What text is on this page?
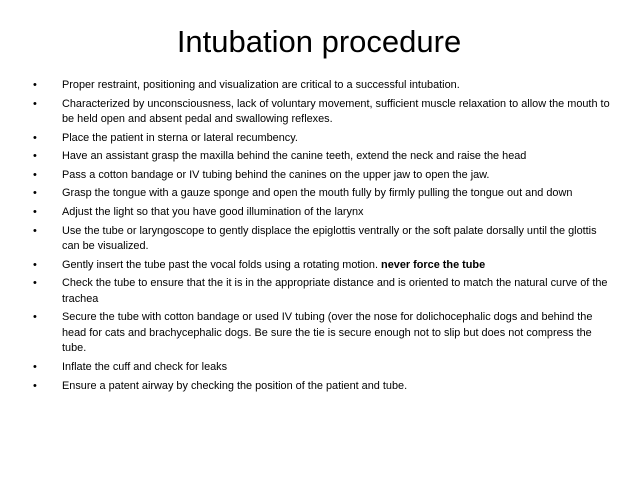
Intubation procedure
• Proper restraint, positioning and visualization are critical to a successful intubation.
• Characterized by unconsciousness, lack of voluntary movement, sufficient muscle relaxation to allow the mouth to be held open and absent pedal and swallowing reflexes.
• Place the patient in sterna or lateral recumbency.
• Have an assistant grasp the maxilla behind the canine teeth, extend the neck and raise the head
• Pass a cotton bandage or IV tubing behind the canines on the upper jaw to open the jaw.
• Grasp the tongue with a gauze sponge and open the mouth fully by firmly pulling the tongue out and down
• Adjust the light so that you have good illumination of the larynx
• Use the tube or laryngoscope to gently displace the epiglottis ventrally or the soft palate dorsally until the glottis can be visualized.
• Gently insert the tube past the vocal folds using a rotating motion. never force the tube
• Check the tube to ensure that the it is in the appropriate distance and is oriented to match the natural curve of the trachea
• Secure the tube with cotton bandage or used IV tubing (over the nose for dolichocephalic dogs and behind the head for cats and brachycephalic dogs. Be sure the tie is secure enough not to slip but does not compress the tube.
• Inflate the cuff and check for leaks
• Ensure a patent airway by checking the position of the patient and tube.
